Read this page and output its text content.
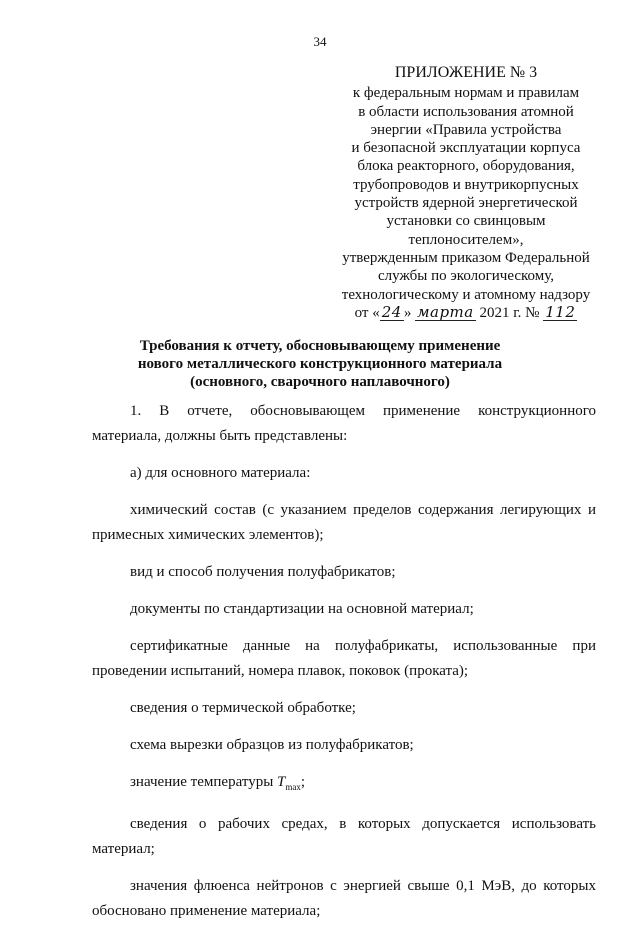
34
ПРИЛОЖЕНИЕ № 3
к федеральным нормам и правилам
в области использования атомной
энергии «Правила устройства
и безопасной эксплуатации корпуса
блока реакторного, оборудования,
трубопроводов и внутрикорпусных
устройств ядерной энергетической
установки со свинцовым
теплоносителем»,
утвержденным приказом Федеральной
службы по экологическому,
технологическому и атомному надзору
от « 24 » марта 2021 г. № 112
Требования к отчету, обосновывающему применение
нового металлического конструкционного материала
(основного, сварочного наплавочного)

1. В отчете, обосновывающем применение конструкционного материала, должны быть представлены:

а) для основного материала:

химический состав (с указанием пределов содержания легирующих и примесных химических элементов);

вид и способ получения полуфабрикатов;

документы по стандартизации на основной материал;

сертификатные данные на полуфабрикаты, использованные при проведении испытаний, номера плавок, поковок (проката);

сведения о термической обработке;

схема вырезки образцов из полуфабрикатов;

значение температуры $T_{max}$;

сведения о рабочих средах, в которых допускается использовать материал;

значения флюенса нейтронов с энергией свыше 0,1 МэВ, до которых обосновано применение материала;
